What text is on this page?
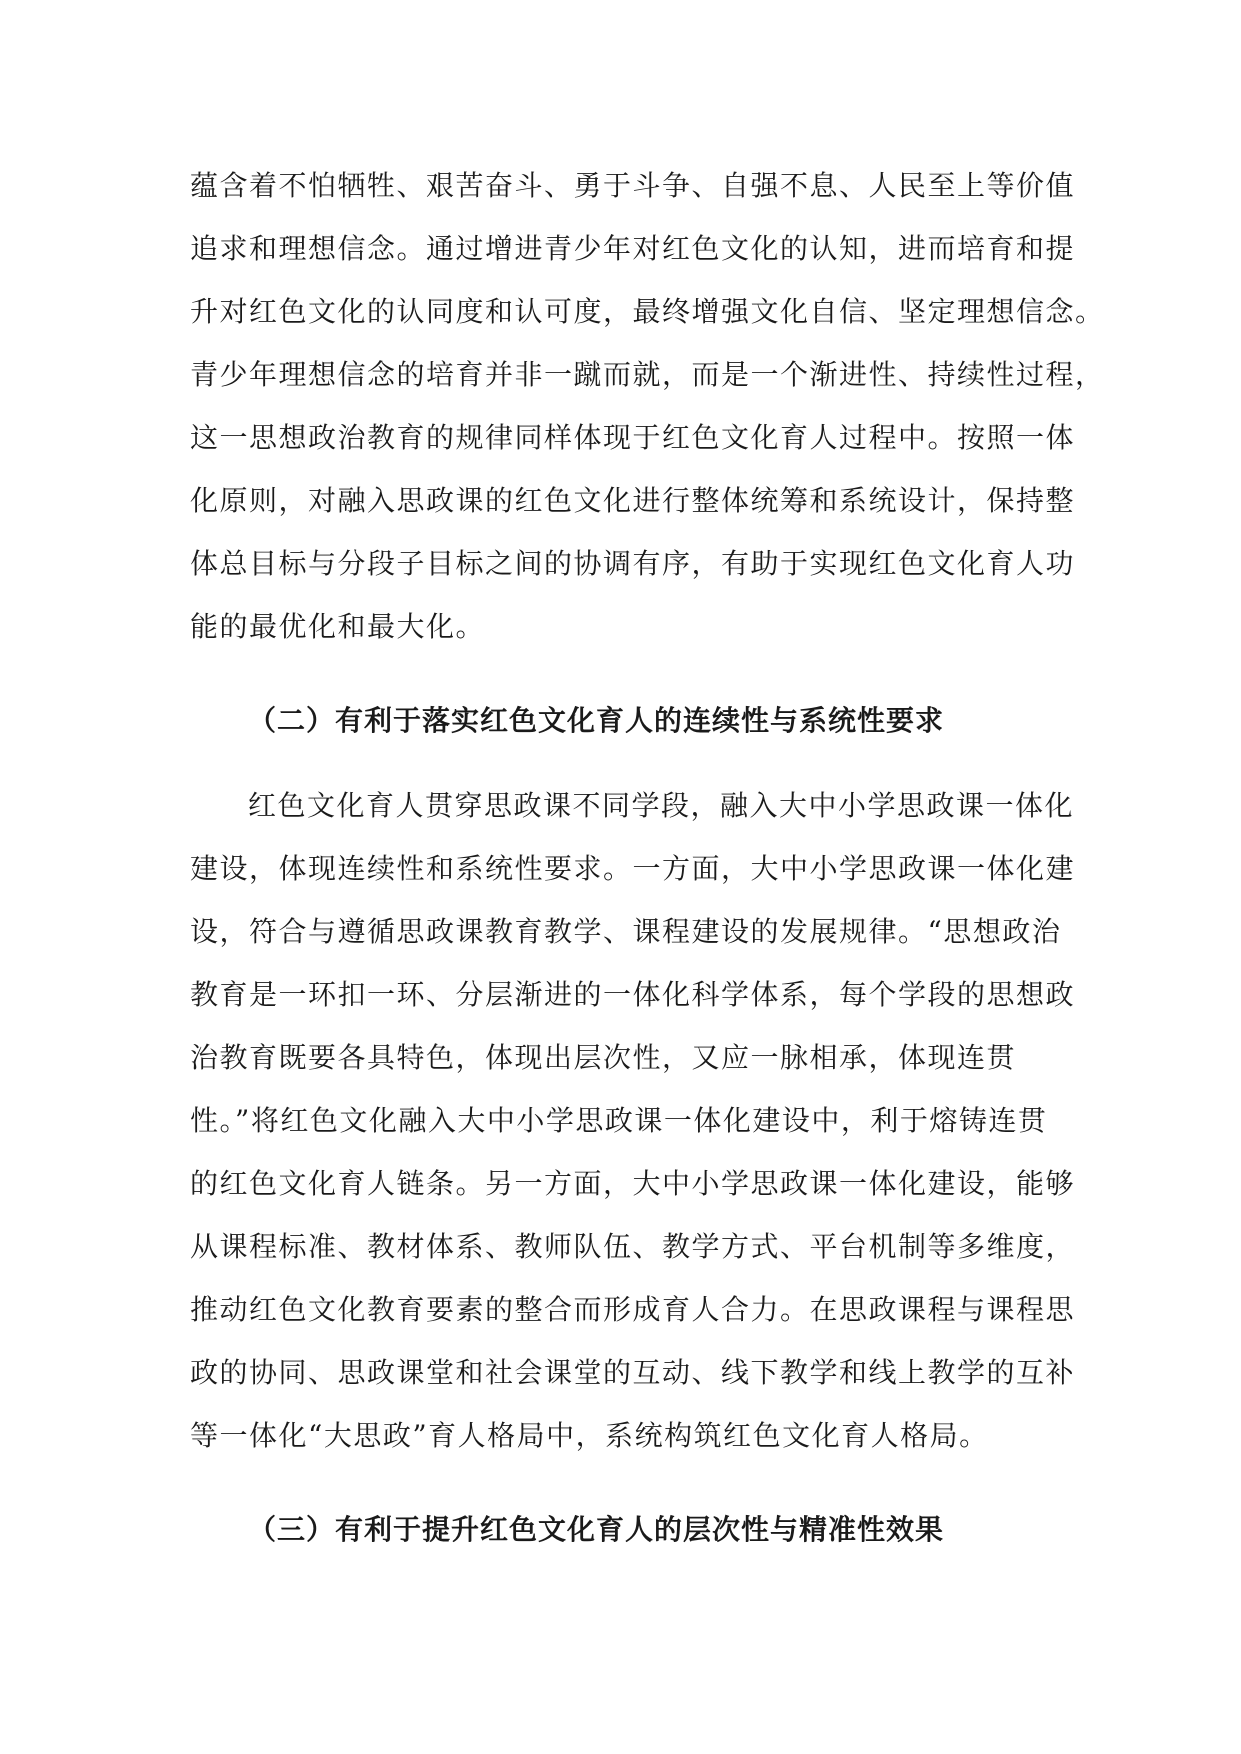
蕴含着不怕牺牲、艰苦奋斗、勇于斗争、自强不息、人民至上等价值
追求和理想信念。通过增进青少年对红色文化的认知，进而培育和提
升对红色文化的认同度和认可度，最终增强文化自信、坚定理想信念。
青少年理想信念的培育并非一蹴而就，而是一个渐进性、持续性过程，
这一思想政治教育的规律同样体现于红色文化育人过程中。按照一体
化原则，对融入思政课的红色文化进行整体统筹和系统设计，保持整
体总目标与分段子目标之间的协调有序，有助于实现红色文化育人功
能的最优化和最大化。
（二）有利于落实红色文化育人的连续性与系统性要求
红色文化育人贯穿思政课不同学段，融入大中小学思政课一体化
建设，体现连续性和系统性要求。一方面，大中小学思政课一体化建
设，符合与遵循思政课教育教学、课程建设的发展规律。“思想政治
教育是一环扣一环、分层渐进的一体化科学体系，每个学段的思想政
治教育既要各具特色，体现出层次性，又应一脉相承，体现连贯
性。”将红色文化融入大中小学思政课一体化建设中，利于熔铸连贯
的红色文化育人链条。另一方面，大中小学思政课一体化建设，能够
从课程标准、教材体系、教师队伍、教学方式、平台机制等多维度，
推动红色文化教育要素的整合而形成育人合力。在思政课程与课程思
政的协同、思政课堂和社会课堂的互动、线下教学和线上教学的互补
等一体化“大思政”育人格局中，系统构筑红色文化育人格局。
（三）有利于提升红色文化育人的层次性与精准性效果
